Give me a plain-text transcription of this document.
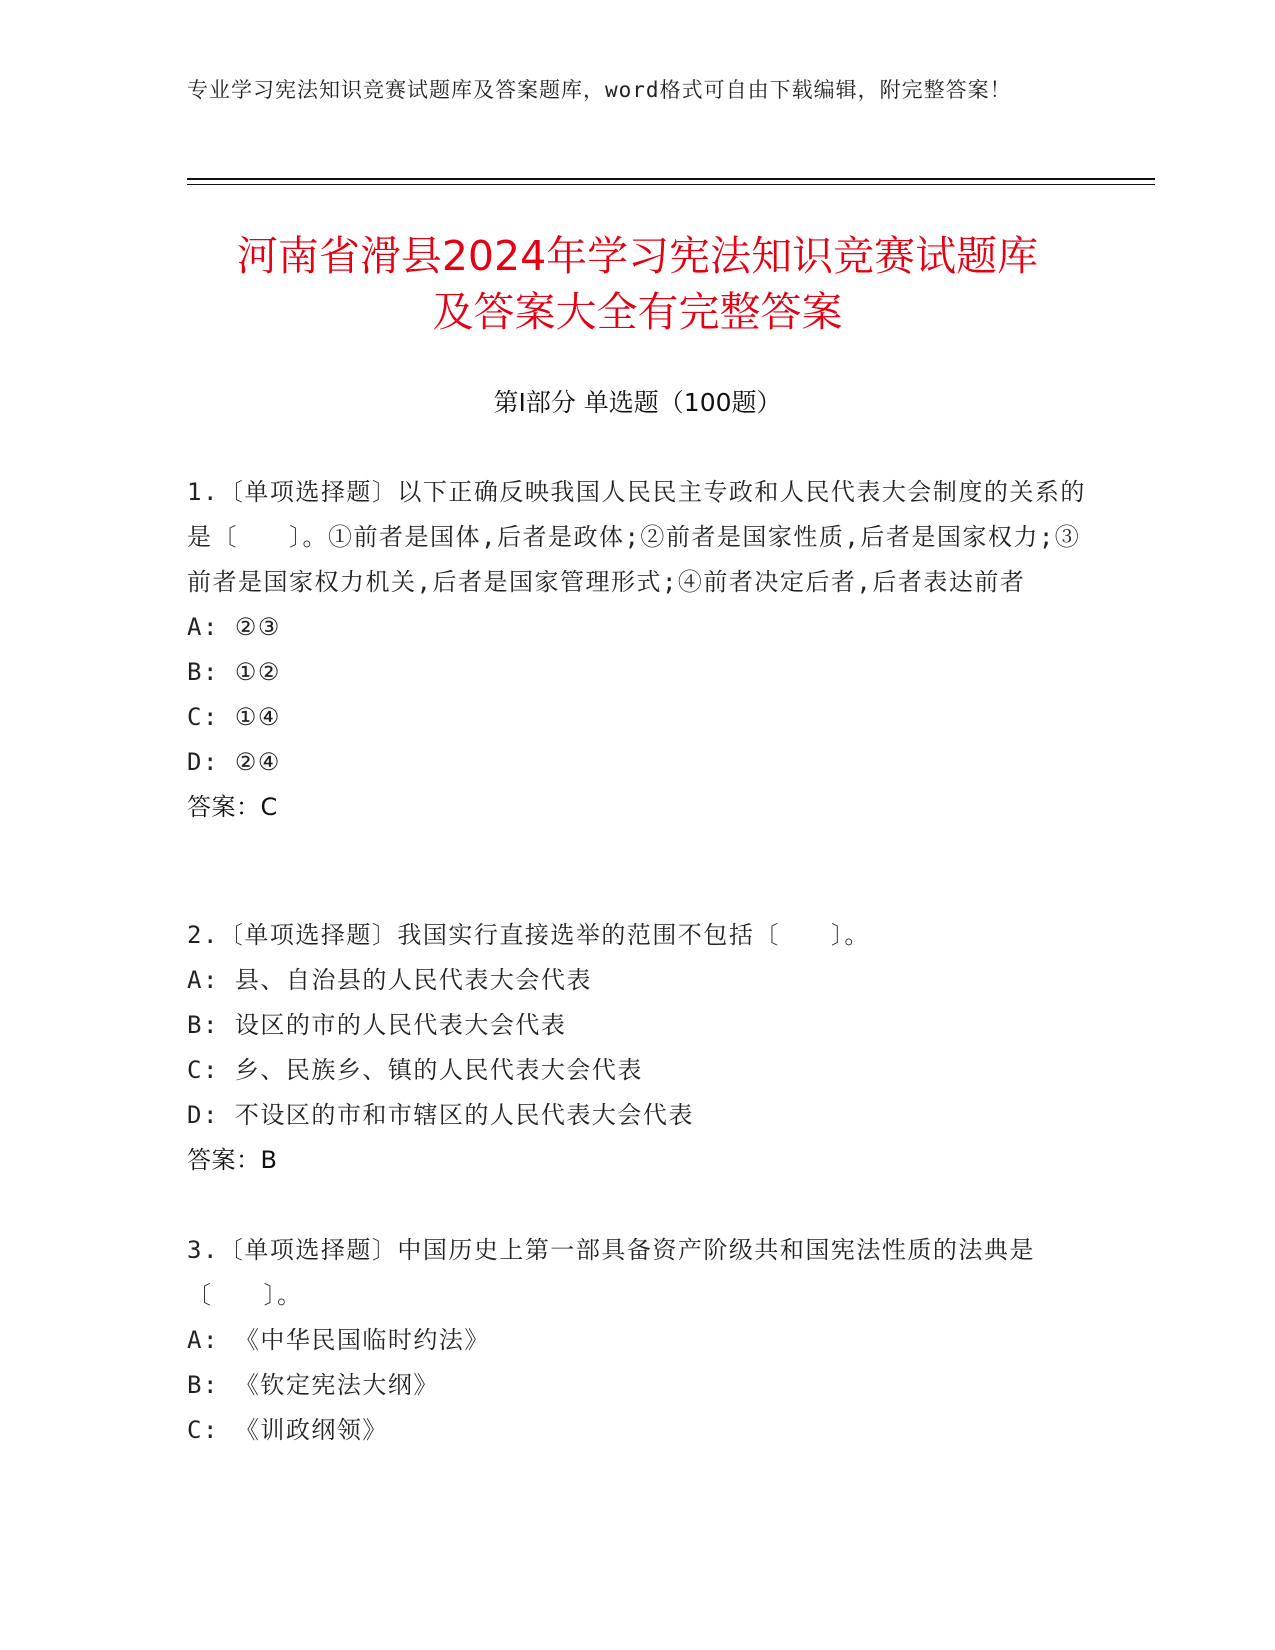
专业学习宪法知识竞赛试题库及答案题库，word格式可自由下载编辑，附完整答案！
河南省滑县2024年学习宪法知识竞赛试题库
及答案大全有完整答案
第Ⅰ部分 单选题（100题）

1.〔单项选择题〕以下正确反映我国人民民主专政和人民代表大会制度的关系的是〔　　〕。①前者是国体,后者是政体;②前者是国家性质,后者是国家权力;③前者是国家权力机关,后者是国家管理形式;④前者决定后者,后者表达前者

A: ②③
B: ①②
C: ①④
D: ②④
答案：C

2.〔单项选择题〕我国实行直接选举的范围不包括〔　　〕。

A: 县、自治县的人民代表大会代表
B: 设区的市的人民代表大会代表
C: 乡、民族乡、镇的人民代表大会代表
D: 不设区的市和市辖区的人民代表大会代表
答案：B

3.〔单项选择题〕中国历史上第一部具备资产阶级共和国宪法性质的法典是〔　　〕。

A: 《中华民国临时约法》
B: 《钦定宪法大纲》
C: 《训政纲领》
